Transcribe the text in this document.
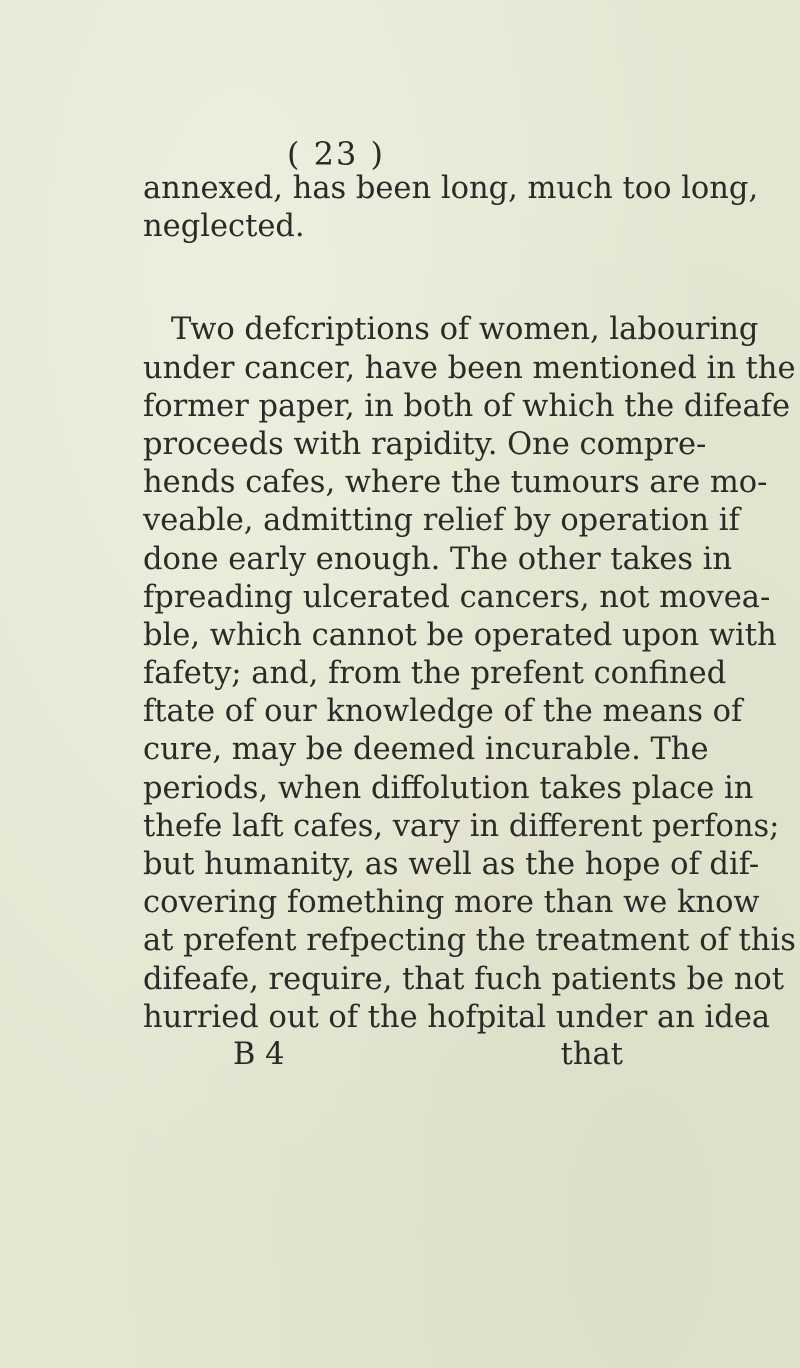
( 23 )
annexed, has been long, much too long,
neglected.
Two defcriptions of women, labouring
under cancer, have been mentioned in the
former paper, in both of which the difeafe
proceeds with rapidity. One compre-
hends cafes, where the tumours are mo-
veable, admitting relief by operation if
done early enough. The other takes in
fpreading ulcerated cancers, not movea-
ble, which cannot be operated upon with
fafety; and, from the prefent confined
ftate of our knowledge of the means of
cure, may be deemed incurable. The
periods, when diffolution takes place in
thefe laft cafes, vary in different perfons;
but humanity, as well as the hope of dif-
covering fomething more than we know
at prefent refpecting the treatment of this
difeafe, require, that fuch patients be not
hurried out of the hofpital under an idea
B 4	that
